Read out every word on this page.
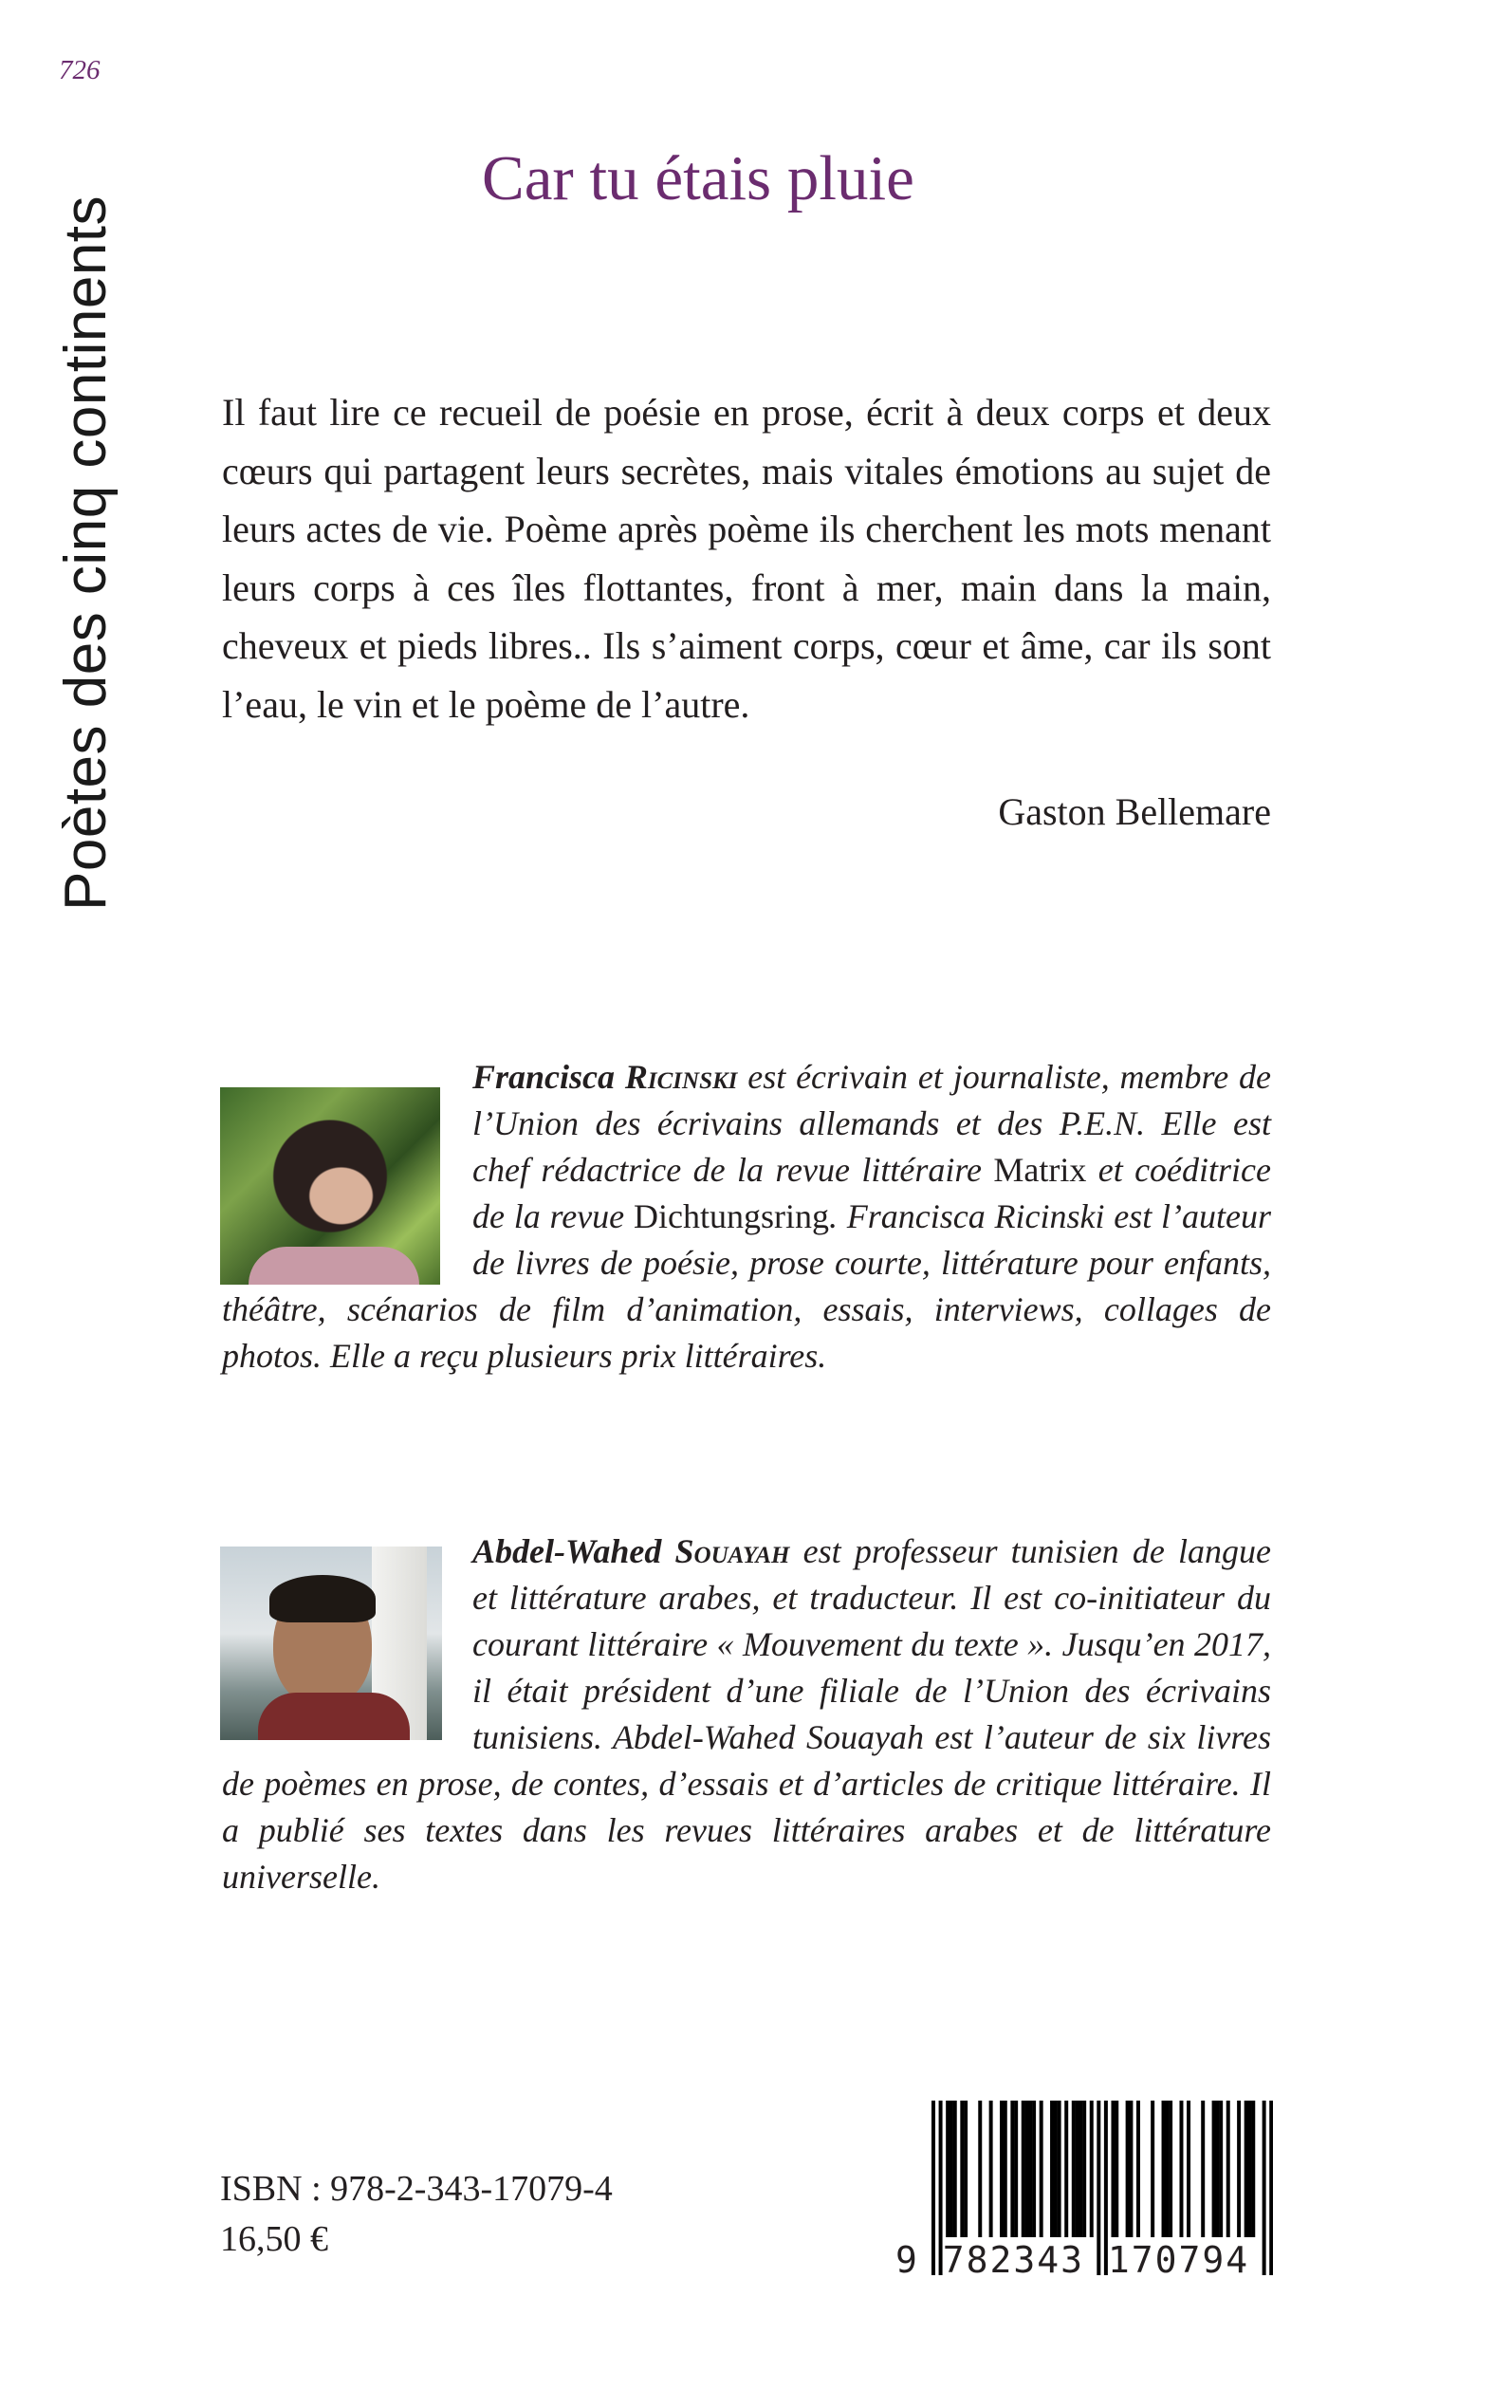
726
Poètes des cinq continents
Car tu étais pluie

Il faut lire ce recueil de poésie en prose, écrit à deux corps et deux cœurs qui partagent leurs secrètes, mais vitales émotions au sujet de leurs actes de vie. Poème après poème ils cherchent les mots menant leurs corps à ces îles flottantes, front à mer, main dans la main, cheveux et pieds libres.. Ils s’aiment corps, cœur et âme, car ils sont l’eau, le vin et le poème de l’autre.

Gaston Bellemare

Francisca Ricinski est écrivain et journaliste, membre de l’Union des écrivains allemands et des P.E.N. Elle est chef rédactrice de la revue littéraire Matrix et coéditrice de la revue Dichtungsring. Francisca Ricinski est l’auteur de livres de poésie, prose courte, littérature pour enfants, théâtre, scénarios de film d’animation, essais, interviews, collages de photos. Elle a reçu plusieurs prix littéraires.

Abdel-Wahed Souayah est professeur tunisien de langue et littérature arabes, et traducteur. Il est co-initiateur du courant littéraire « Mouvement du texte ». Jusqu’en 2017, il était président d’une filiale de l’Union des écrivains tunisiens. Abdel-Wahed Souayah est l’auteur de six livres de poèmes en prose, de contes, d’essais et d’articles de critique littéraire. Il a publié ses textes dans les revues littéraires arabes et de littérature universelle.

ISBN : 978-2-343-17079-4
16,50 €	9 782343 170794
